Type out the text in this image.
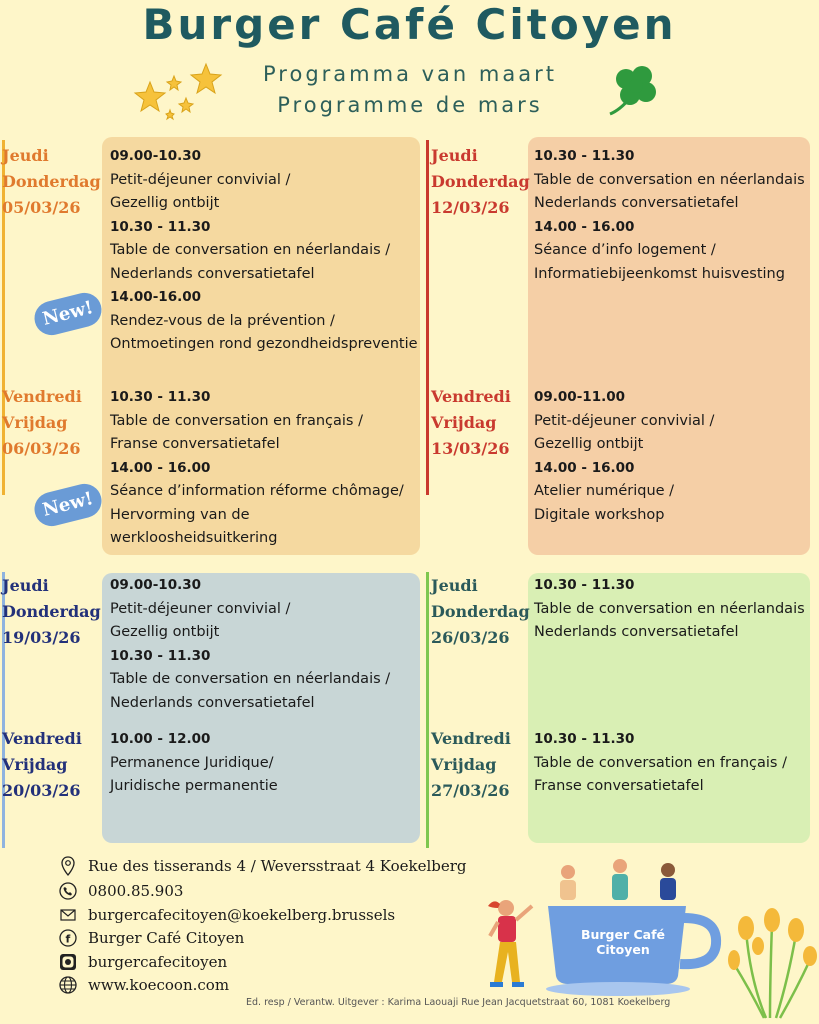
Burger Café Citoyen
Programma van maart
Programme de mars
New!
New!
Jeudi
Donderdag
05/03/26
Vendredi
Vrijdag
06/03/26
Jeudi
Donderdag
12/03/26
Vendredi
Vrijdag
13/03/26
Jeudi
Donderdag
19/03/26
Vendredi
Vrijdag
20/03/26
Jeudi
Donderdag
26/03/26
Vendredi
Vrijdag
27/03/26
09.00-10.30
Petit-déjeuner convivial /
Gezellig ontbijt
10.30 - 11.30
Table de conversation en néerlandais /
Nederlands conversatietafel
14.00-16.00
Rendez-vous de la prévention /
Ontmoetingen rond gezondheidspreventie
10.30 - 11.30
Table de conversation en français /
Franse conversatietafel
14.00 - 16.00
Séance d’information réforme chômage/
Hervorming van de
werkloosheidsuitkering
10.30 - 11.30
Table de conversation en néerlandais
Nederlands conversatietafel
14.00 - 16.00
Séance d’info logement /
Informatiebijeenkomst huisvesting
09.00-11.00
Petit-déjeuner convivial /
Gezellig ontbijt
14.00 - 16.00
Atelier numérique /
Digitale workshop
09.00-10.30
Petit-déjeuner convivial /
Gezellig ontbijt
10.30 - 11.30
Table de conversation en néerlandais /
Nederlands conversatietafel
10.00 - 12.00
Permanence Juridique/
Juridische permanentie
10.30 - 11.30
Table de conversation en néerlandais
Nederlands conversatietafel
10.30 - 11.30
Table de conversation en français /
Franse conversatietafel
Rue des tisserands 4 / Weversstraat 4 Koekelberg
0800.85.903
burgercafecitoyen@koekelberg.brussels
f Burger Café Citoyen
burgercafecitoyen
www.koecoon.com
Burger Café Citoyen
Ed. resp / Verantw. Uitgever : Karima Laouaji Rue Jean Jacquetstraat 60, 1081 Koekelberg
